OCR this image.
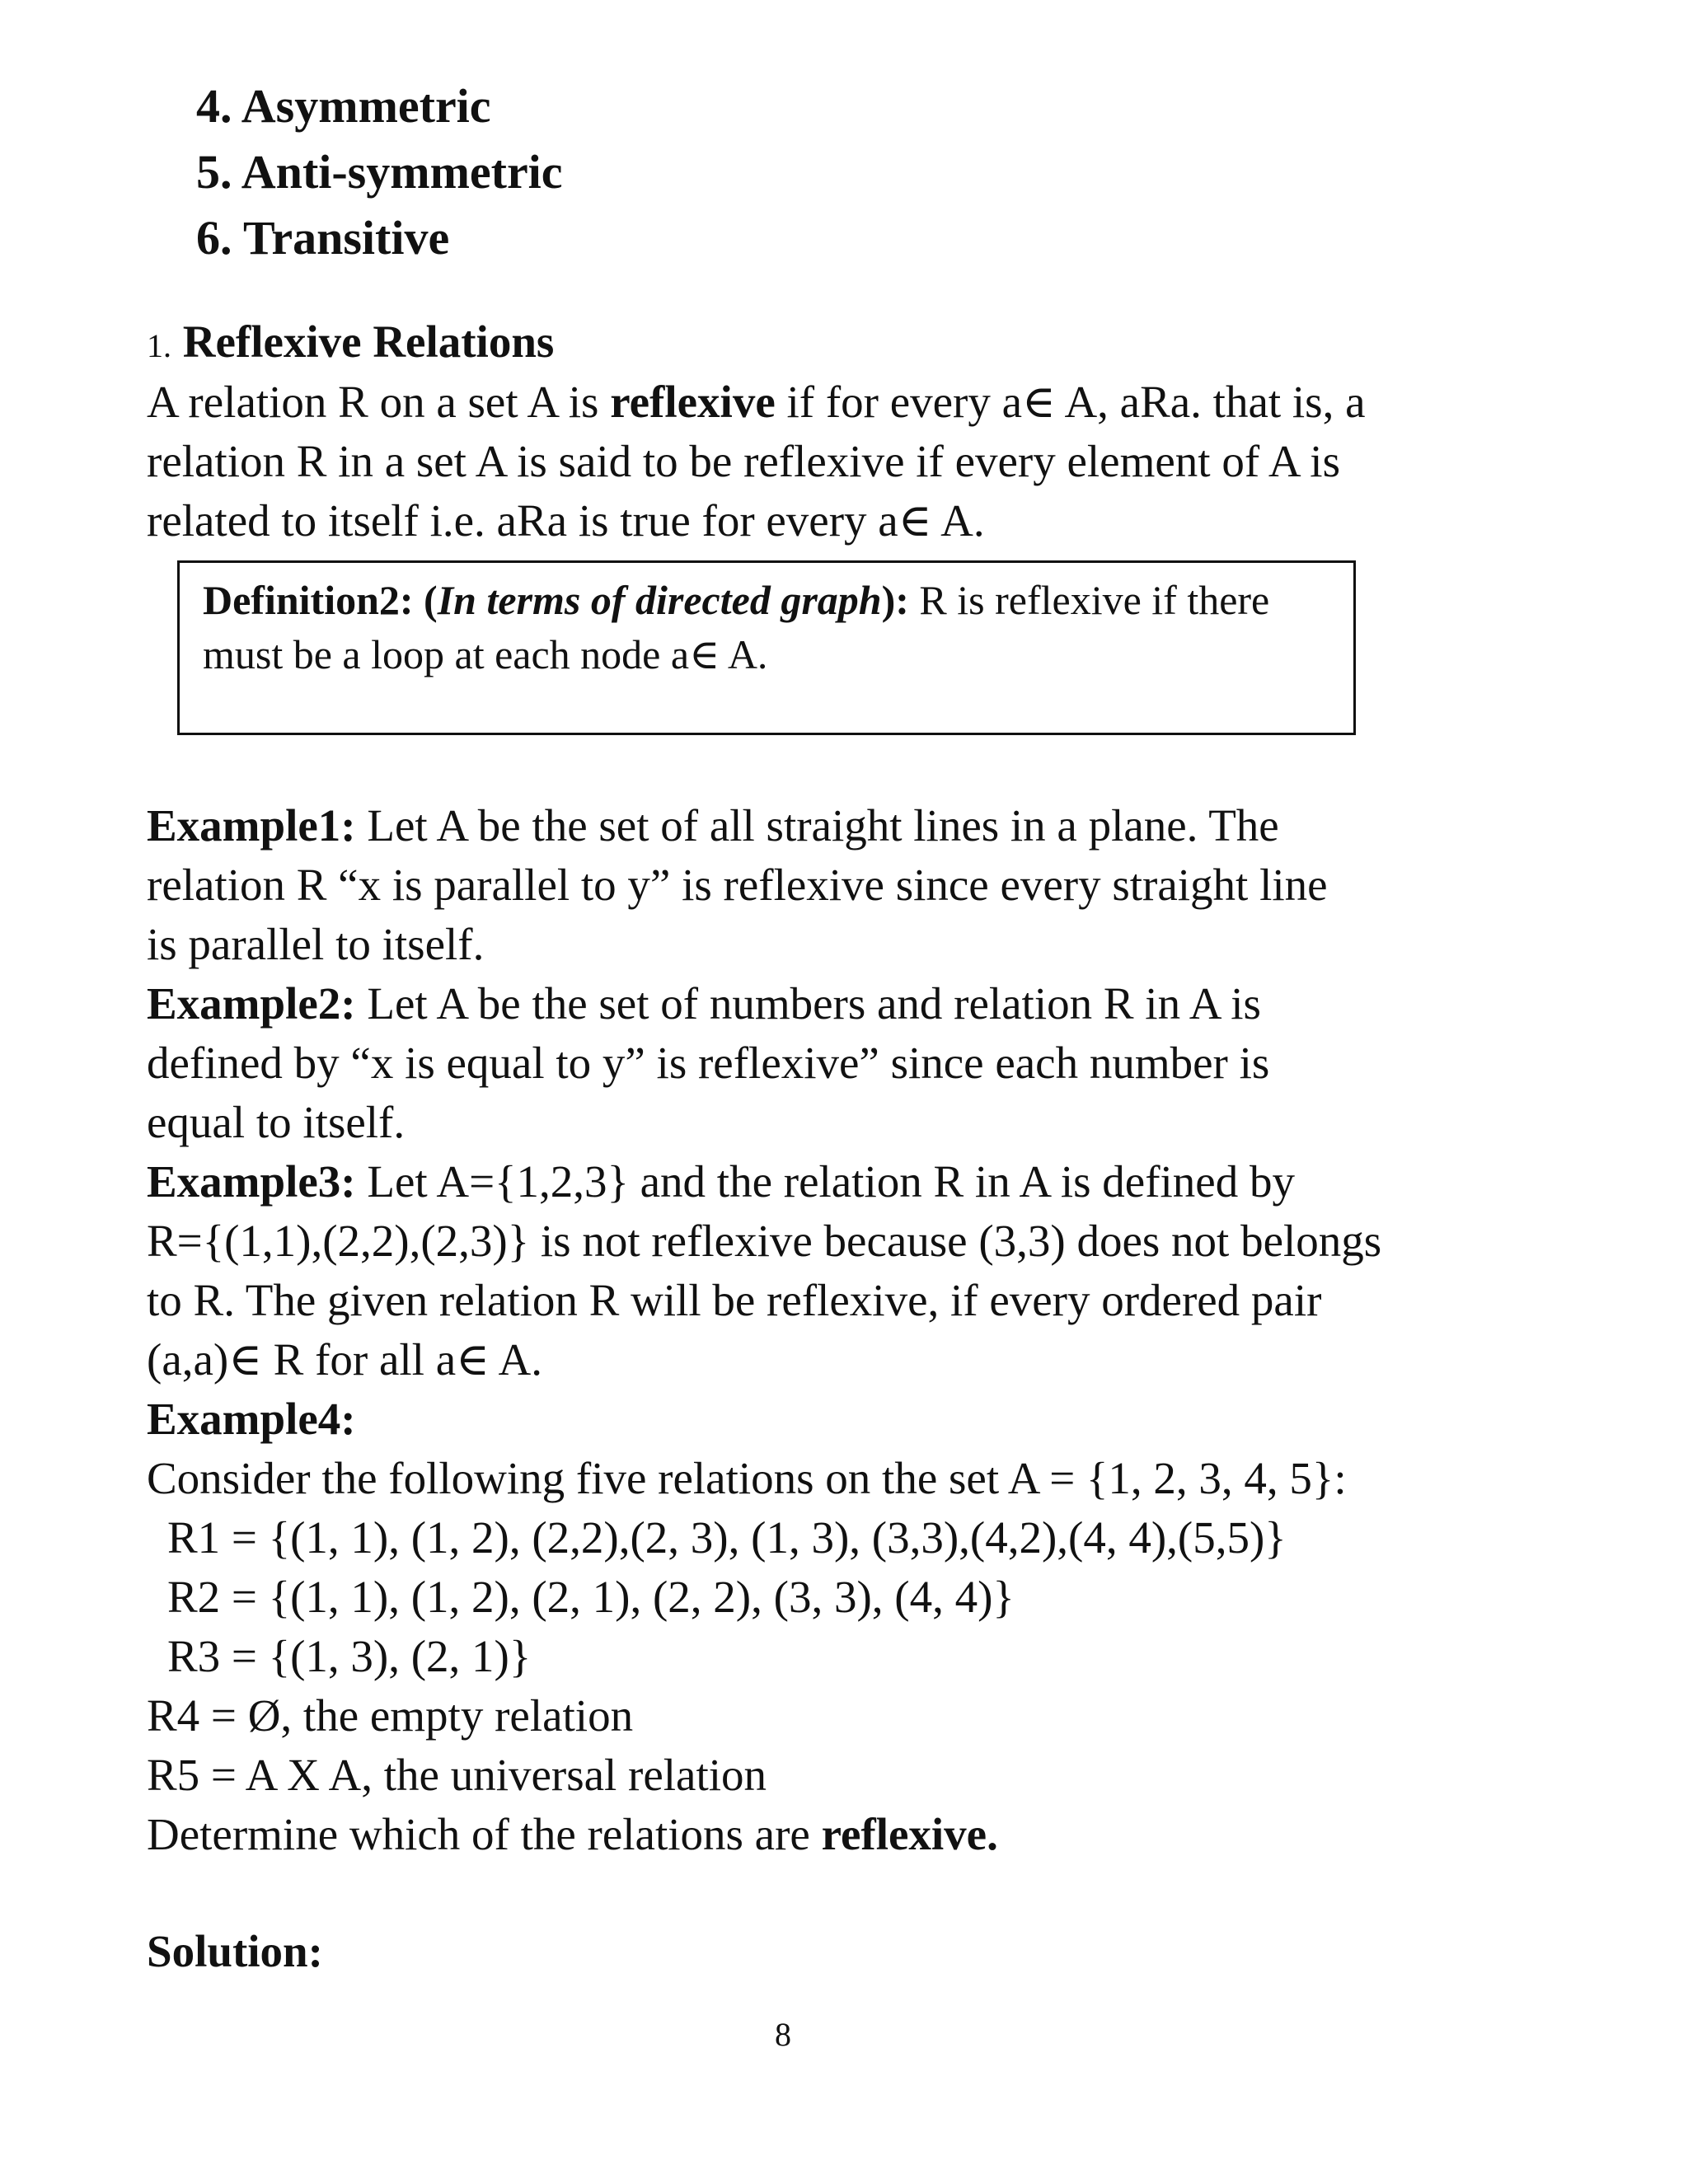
4. Asymmetric
5. Anti-symmetric
6. Transitive
1. Reflexive Relations
A relation R on a set A is reflexive if for every a∈ A, aRa. that is, a
relation R in a set A is said to be reflexive if every element of A is
related to itself i.e. aRa is true for every a∈ A.
Definition2: (In terms of directed graph): R is reflexive if there
must be a loop at each node a∈ A.
Example1: Let A be the set of all straight lines in a plane. The
relation R “x is parallel to y” is reflexive since every straight line
is parallel to itself.
Example2: Let A be the set of numbers and relation R in A is
defined by “x is equal to y” is reflexive” since each number is
equal to itself.
Example3: Let A={1,2,3} and the relation R in A is defined by
R={(1,1),(2,2),(2,3)} is not reflexive because (3,3) does not belongs
to R. The given relation R will be reflexive, if every ordered pair
(a,a)∈ R for all a∈ A.
Example4:
Consider the following five relations on the set A = {1, 2, 3, 4, 5}:
R1 = {(1, 1), (1, 2), (2,2),(2, 3), (1, 3), (3,3),(4,2),(4, 4),(5,5)}
R2 = {(1, 1), (1, 2), (2, 1), (2, 2), (3, 3), (4, 4)}
R3 = {(1, 3), (2, 1)}
R4 = Ø, the empty relation
R5 = A X A, the universal relation
Determine which of the relations are reflexive.
Solution:
8
